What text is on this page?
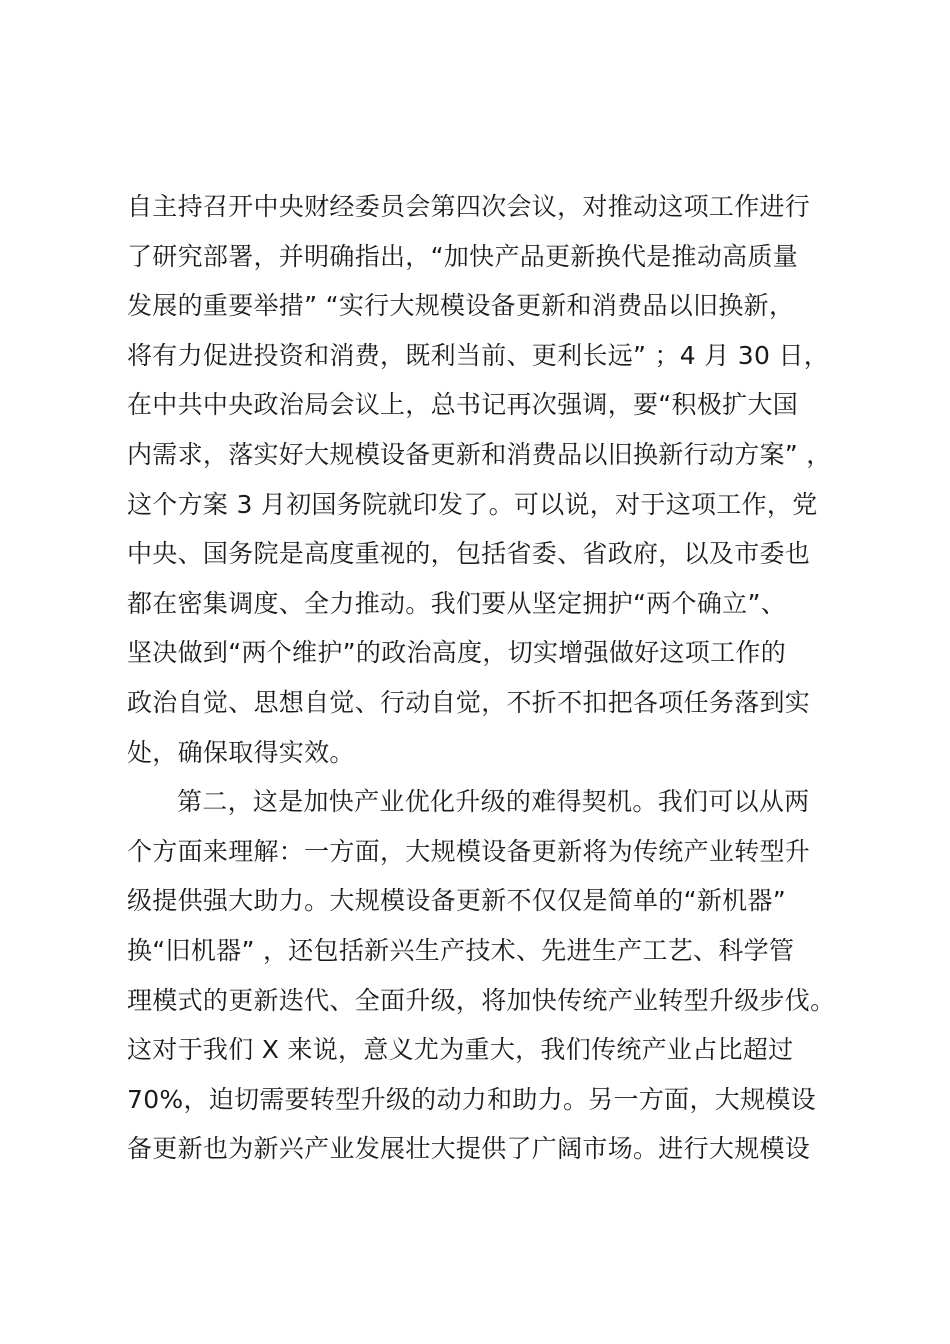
自主持召开中央财经委员会第四次会议，对推动这项工作进行
了研究部署，并明确指出，“加快产品更新换代是推动高质量
发展的重要举措” “实行大规模设备更新和消费品以旧换新，
将有力促进投资和消费，既利当前、更利长远” ；4 月 30 日，
在中共中央政治局会议上，总书记再次强调，要“积极扩大国
内需求，落实好大规模设备更新和消费品以旧换新行动方案” ，
这个方案 3 月初国务院就印发了。可以说，对于这项工作，党
中央、国务院是高度重视的，包括省委、省政府，以及市委也
都在密集调度、全力推动。我们要从坚定拥护“两个确立”、
坚决做到“两个维护”的政治高度，切实增强做好这项工作的
政治自觉、思想自觉、行动自觉，不折不扣把各项任务落到实
处，确保取得实效。
第二，这是加快产业优化升级的难得契机。我们可以从两
个方面来理解：一方面，大规模设备更新将为传统产业转型升
级提供强大助力。大规模设备更新不仅仅是简单的“新机器”
换“旧机器” ，还包括新兴生产技术、先进生产工艺、科学管
理模式的更新迭代、全面升级，将加快传统产业转型升级步伐。
这对于我们 X 来说，意义尤为重大，我们传统产业占比超过
70%，迫切需要转型升级的动力和助力。另一方面，大规模设
备更新也为新兴产业发展壮大提供了广阔市场。进行大规模设
